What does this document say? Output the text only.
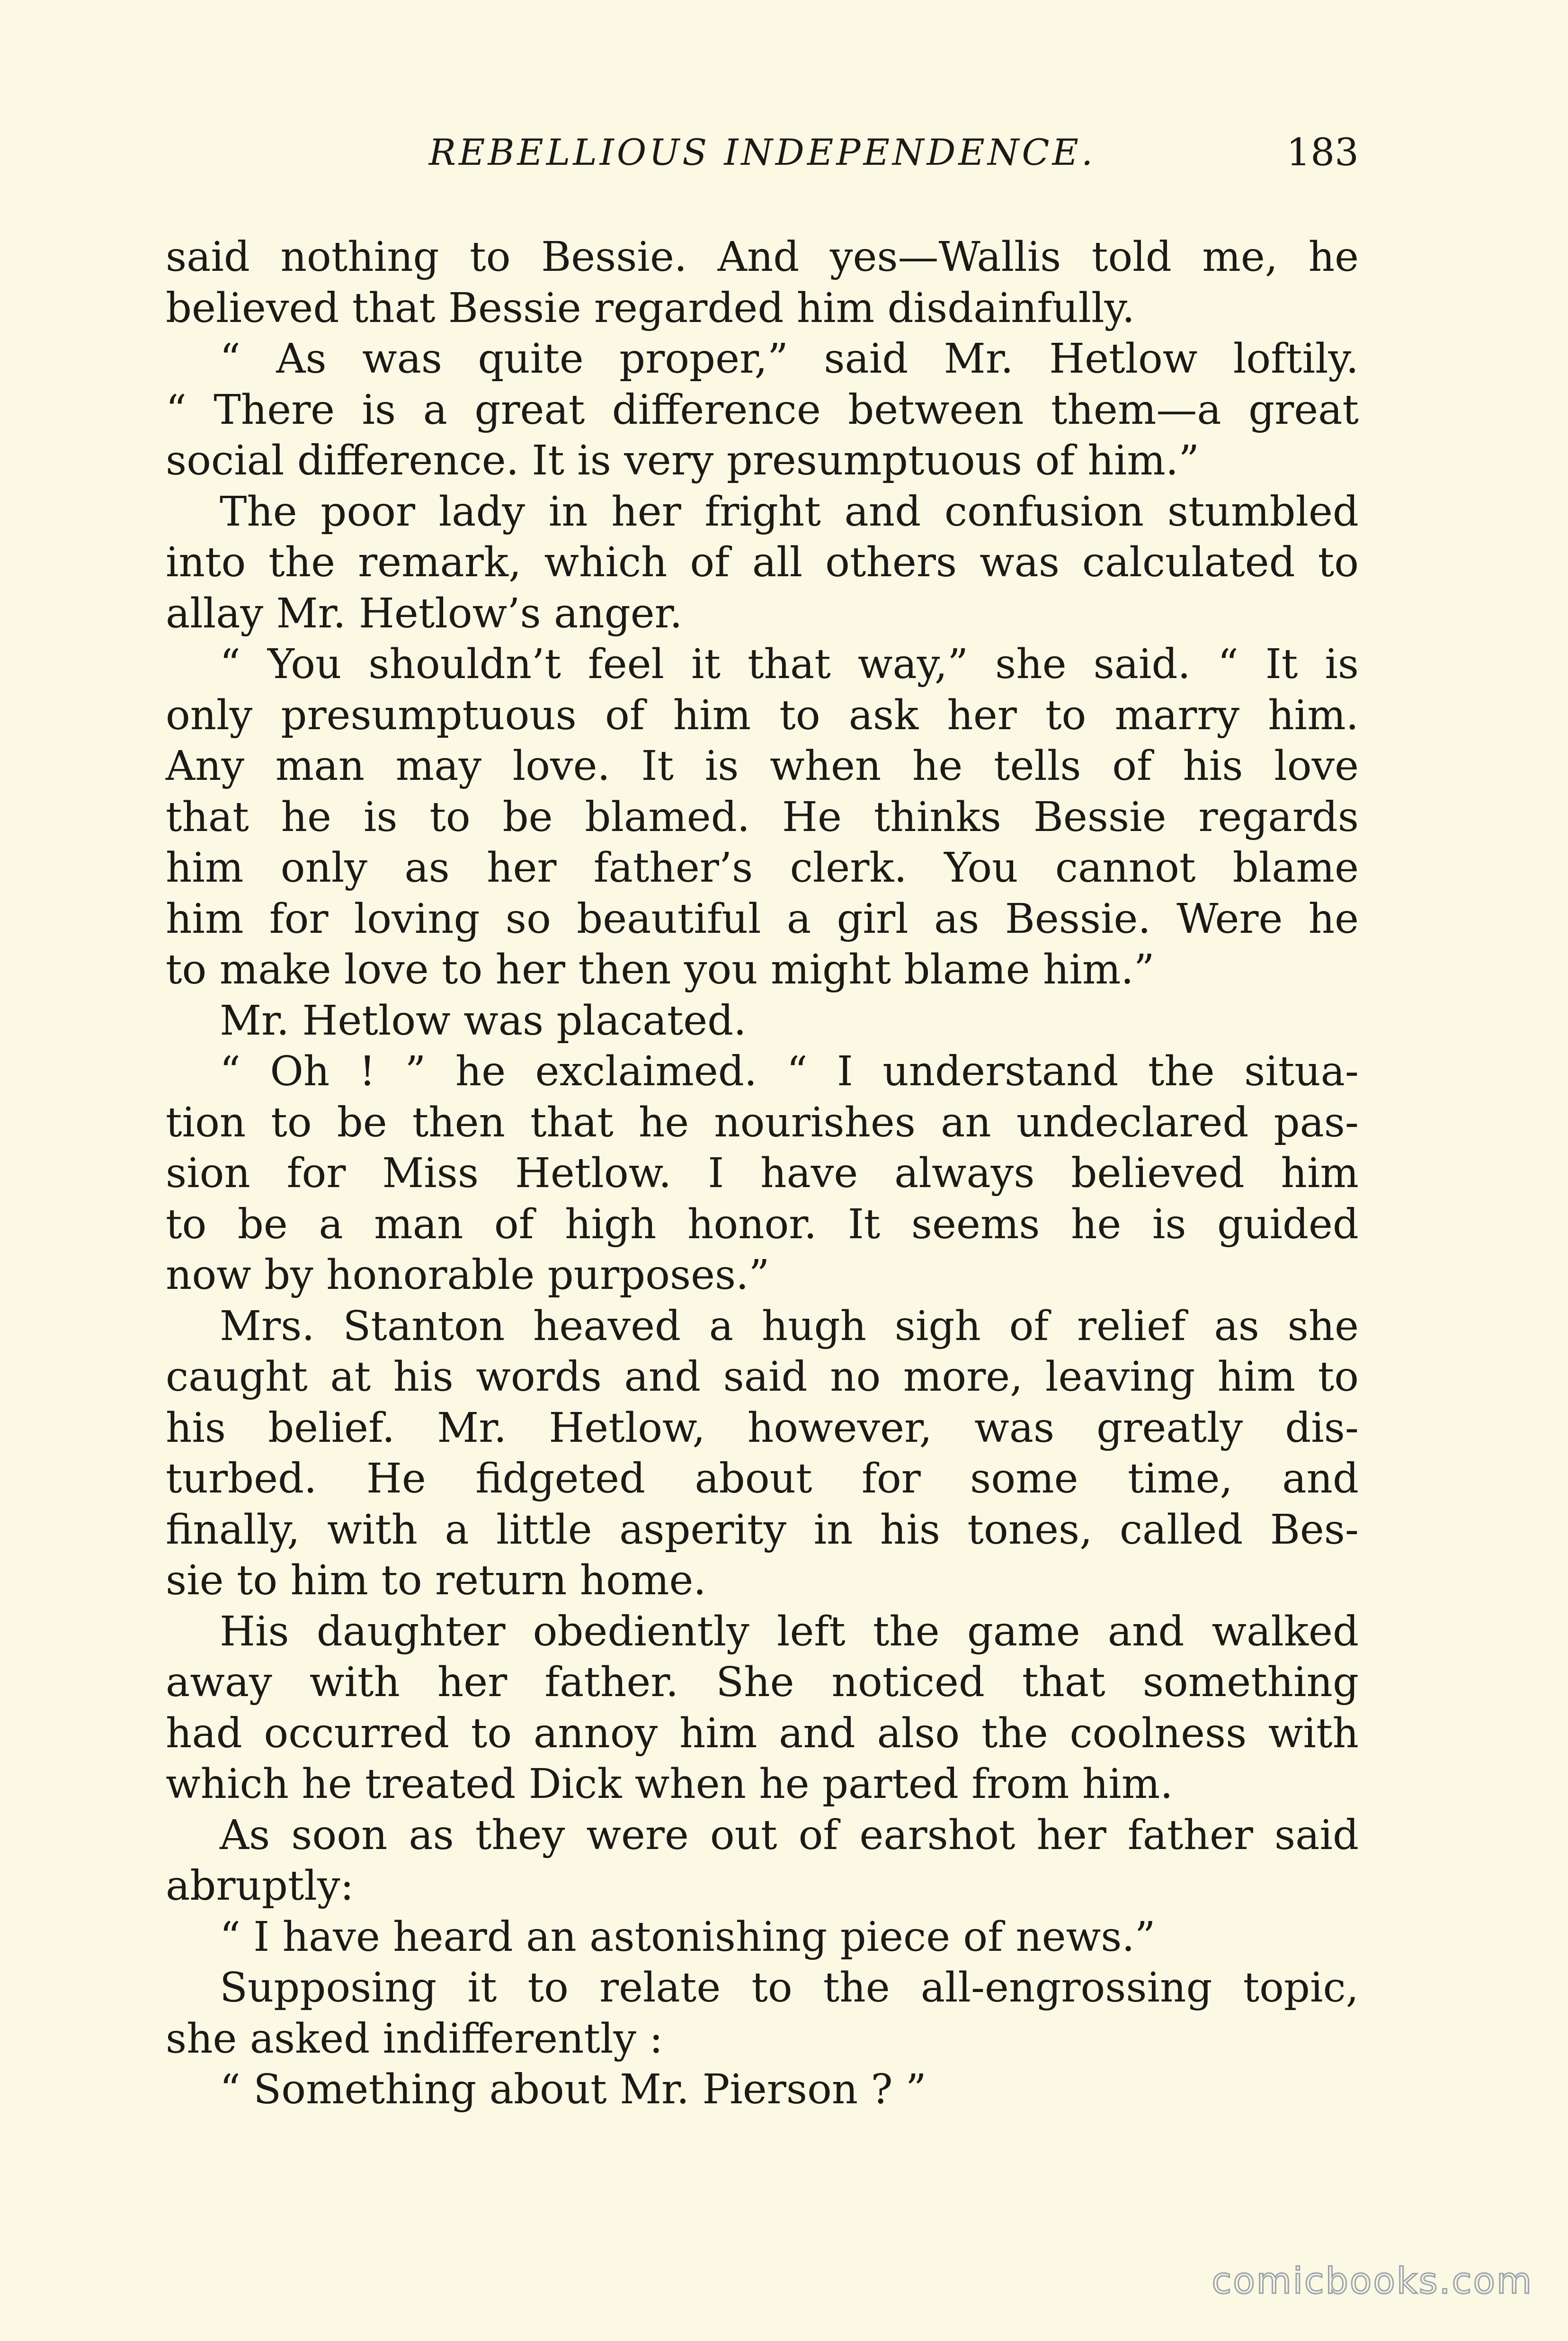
REBELLIOUS INDEPENDENCE.	183
said nothing to Bessie. And yes—Wallis told me, he
believed that Bessie regarded him disdainfully.
“ As was quite proper,” said Mr. Hetlow loftily.
“ There is a great difference between them—a great
social difference. It is very presumptuous of him.”
The poor lady in her fright and confusion stumbled
into the remark, which of all others was calculated to
allay Mr. Hetlow’s anger.
“ You shouldn’t feel it that way,” she said. “ It is
only presumptuous of him to ask her to marry him.
Any man may love. It is when he tells of his love
that he is to be blamed. He thinks Bessie regards
him only as her father’s clerk. You cannot blame
him for loving so beautiful a girl as Bessie. Were he
to make love to her then you might blame him.”
Mr. Hetlow was placated.
“ Oh ! ” he exclaimed. “ I understand the situa-
tion to be then that he nourishes an undeclared pas-
sion for Miss Hetlow. I have always believed him
to be a man of high honor. It seems he is guided
now by honorable purposes.”
Mrs. Stanton heaved a hugh sigh of relief as she
caught at his words and said no more, leaving him to
his belief. Mr. Hetlow, however, was greatly dis-
turbed. He fidgeted about for some time, and
finally, with a little asperity in his tones, called Bes-
sie to him to return home.
His daughter obediently left the game and walked
away with her father. She noticed that something
had occurred to annoy him and also the coolness with
which he treated Dick when he parted from him.
As soon as they were out of earshot her father said
abruptly:
“ I have heard an astonishing piece of news.”
Supposing it to relate to the all-engrossing topic,
she asked indifferently :
“ Something about Mr. Pierson ? ”
comicbooks.com
